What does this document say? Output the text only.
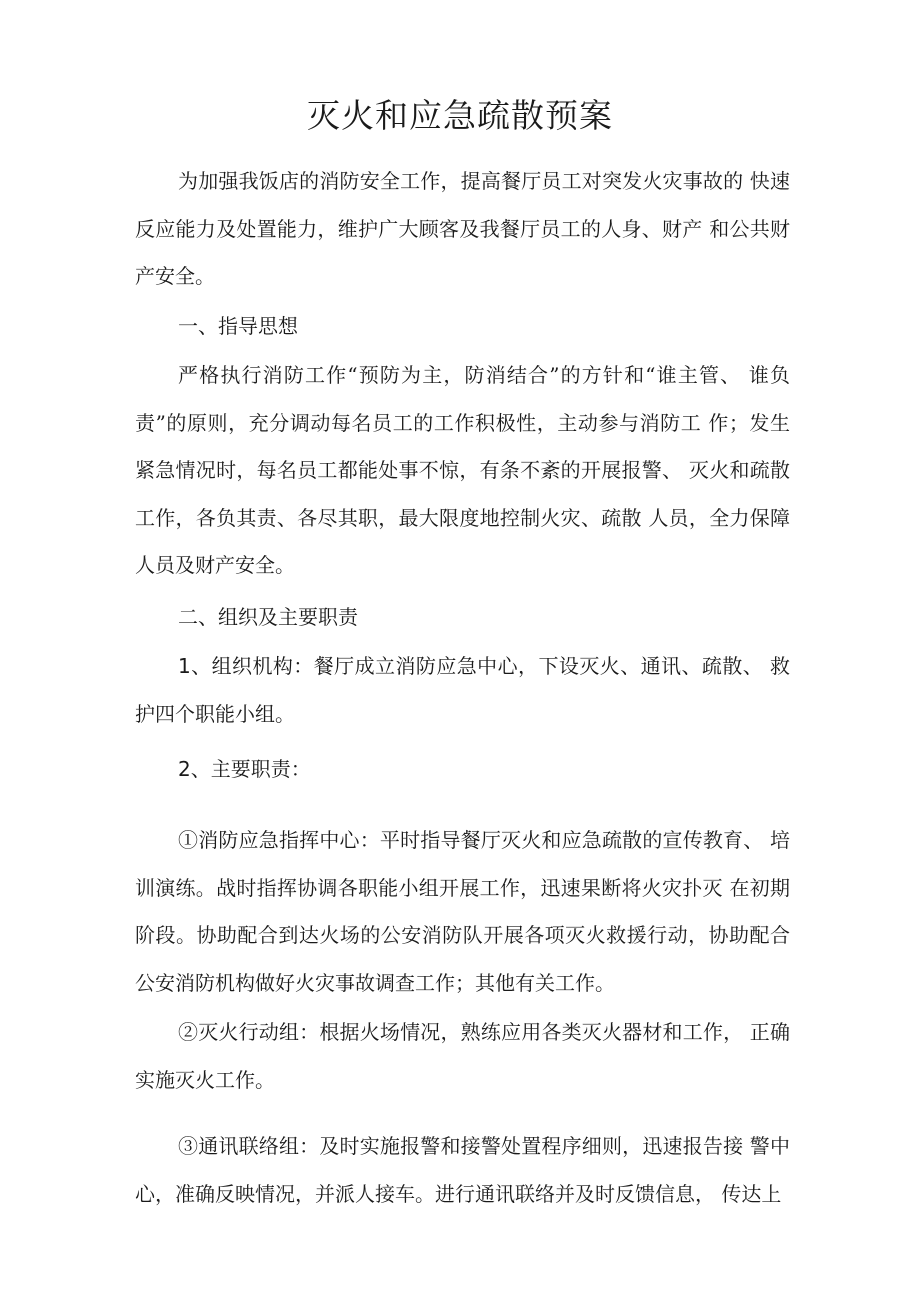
灭火和应急疏散预案

为加强我饭店的消防安全工作，提高餐厅员工对突发火灾事故的 快速反应能力及处置能力，维护广大顾客及我餐厅员工的人身、财产 和公共财产安全。

一、指导思想

严格执行消防工作“预防为主，防消结合”的方针和“谁主管、 谁负责”的原则，充分调动每名员工的工作积极性，主动参与消防工 作；发生紧急情况时，每名员工都能处事不惊，有条不紊的开展报警、 灭火和疏散工作，各负其责、各尽其职，最大限度地控制火灾、疏散 人员，全力保障人员及财产安全。

二、组织及主要职责

1、组织机构：餐厅成立消防应急中心，下设灭火、通讯、疏散、 救护四个职能小组。

2、主要职责：

①消防应急指挥中心：平时指导餐厅灭火和应急疏散的宣传教育、 培训演练。战时指挥协调各职能小组开展工作，迅速果断将火灾扑灭 在初期阶段。协助配合到达火场的公安消防队开展各项灭火救援行动，协助配合公安消防机构做好火灾事故调查工作；其他有关工作。

②灭火行动组：根据火场情况，熟练应用各类灭火器材和工作， 正确实施灭火工作。

③通讯联络组：及时实施报警和接警处置程序细则，迅速报告接 警中心，准确反映情况，并派人接车。进行通讯联络并及时反馈信息， 传达上
